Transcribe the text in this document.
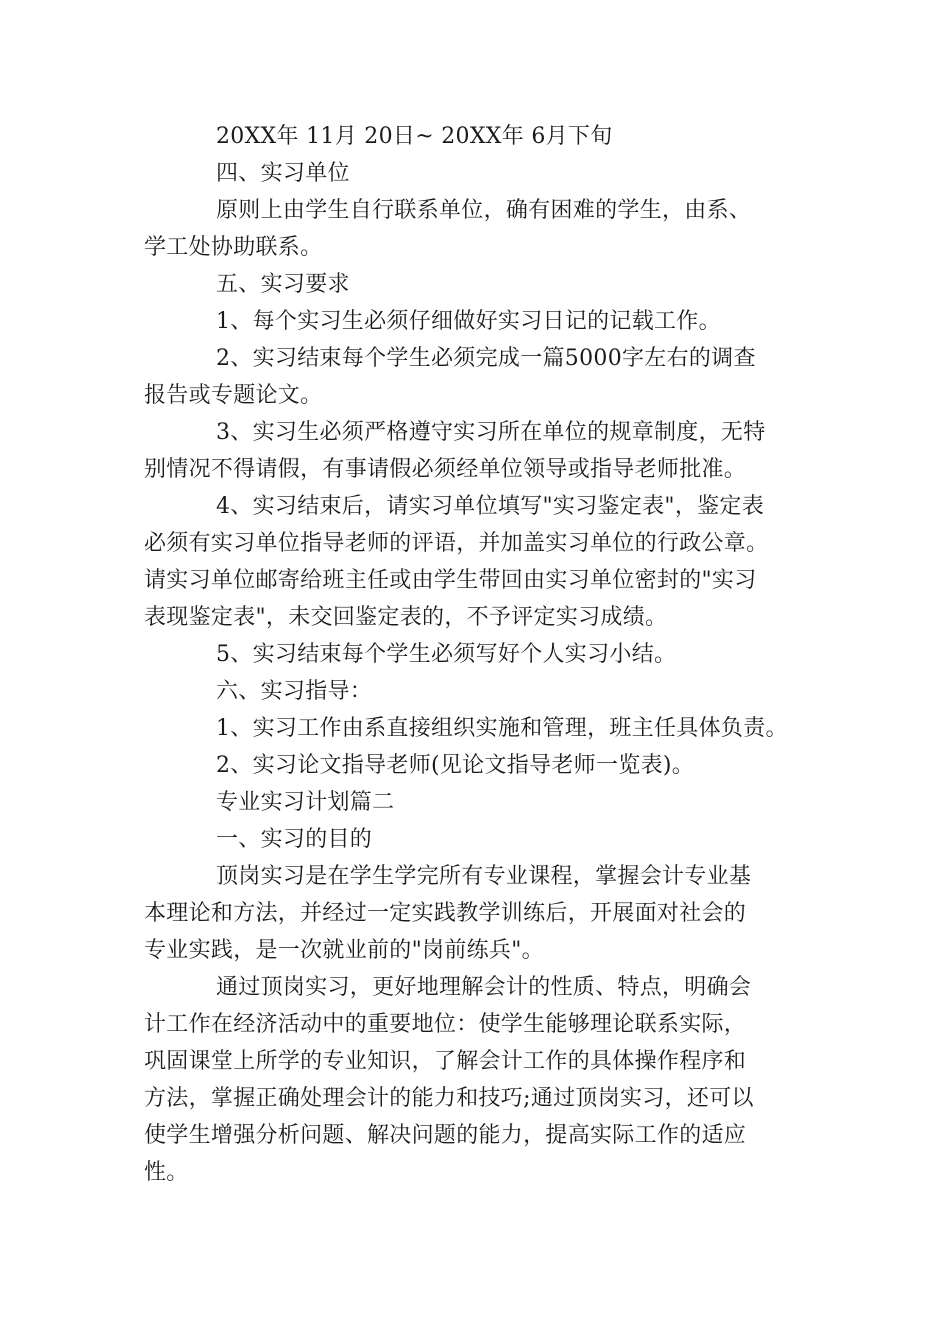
20XX年 11月 20日~ 20XX年 6月下旬
四、实习单位
原则上由学生自行联系单位，确有困难的学生，由系、
学工处协助联系。
五、实习要求
1、每个实习生必须仔细做好实习日记的记载工作。
2、实习结束每个学生必须完成一篇5000字左右的调查
报告或专题论文。
3、实习生必须严格遵守实习所在单位的规章制度，无特
别情况不得请假，有事请假必须经单位领导或指导老师批准。
4、实习结束后，请实习单位填写"实习鉴定表"，鉴定表
必须有实习单位指导老师的评语，并加盖实习单位的行政公章。
请实习单位邮寄给班主任或由学生带回由实习单位密封的"实习
表现鉴定表"，未交回鉴定表的，不予评定实习成绩。
5、实习结束每个学生必须写好个人实习小结。
六、实习指导：
1、实习工作由系直接组织实施和管理，班主任具体负责。
2、实习论文指导老师(见论文指导老师一览表)。
专业实习计划篇二
一、实习的目的
顶岗实习是在学生学完所有专业课程，掌握会计专业基
本理论和方法，并经过一定实践教学训练后，开展面对社会的
专业实践，是一次就业前的"岗前练兵"。
通过顶岗实习，更好地理解会计的性质、特点，明确会
计工作在经济活动中的重要地位：使学生能够理论联系实际，
巩固课堂上所学的专业知识，了解会计工作的具体操作程序和
方法，掌握正确处理会计的能力和技巧;通过顶岗实习，还可以
使学生增强分析问题、解决问题的能力，提高实际工作的适应
性。
